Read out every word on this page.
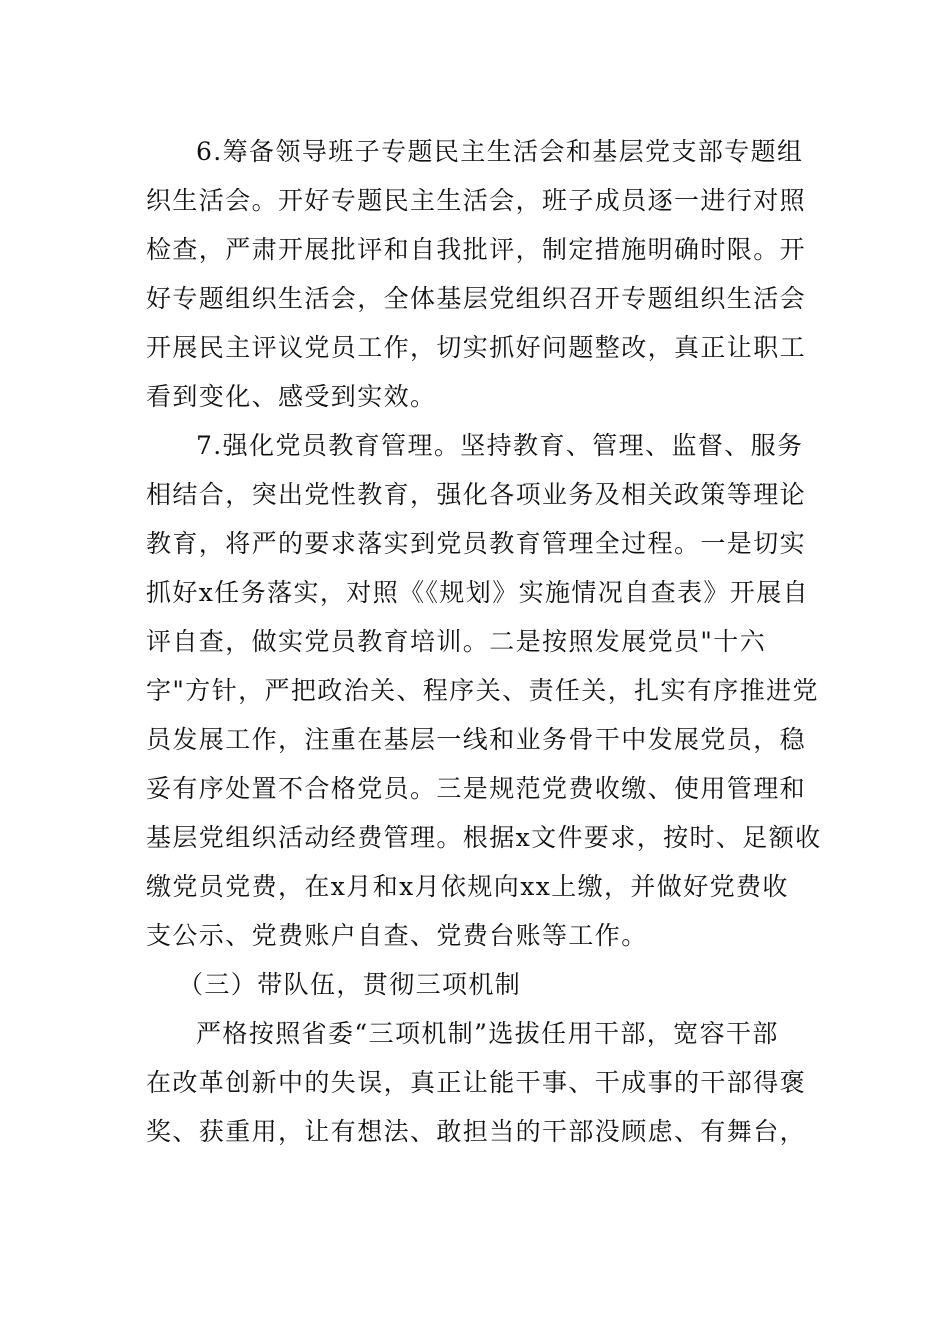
6.筹备领导班子专题民主生活会和基层党支部专题组
织生活会。开好专题民主生活会，班子成员逐一进行对照
检查，严肃开展批评和自我批评，制定措施明确时限。开
好专题组织生活会，全体基层党组织召开专题组织生活会
开展民主评议党员工作，切实抓好问题整改，真正让职工
看到变化、感受到实效。
7.强化党员教育管理。坚持教育、管理、监督、服务
相结合，突出党性教育，强化各项业务及相关政策等理论
教育，将严的要求落实到党员教育管理全过程。一是切实
抓好x任务落实，对照《《规划》实施情况自查表》开展自
评自查，做实党员教育培训。二是按照发展党员"十六
字"方针，严把政治关、程序关、责任关，扎实有序推进党
员发展工作，注重在基层一线和业务骨干中发展党员，稳
妥有序处置不合格党员。三是规范党费收缴、使用管理和
基层党组织活动经费管理。根据x文件要求，按时、足额收
缴党员党费，在x月和x月依规向xx上缴，并做好党费收
支公示、党费账户自查、党费台账等工作。
（三）带队伍，贯彻三项机制
严格按照省委“三项机制”选拔任用干部，宽容干部
在改革创新中的失误，真正让能干事、干成事的干部得褒
奖、获重用，让有想法、敢担当的干部没顾虑、有舞台，
